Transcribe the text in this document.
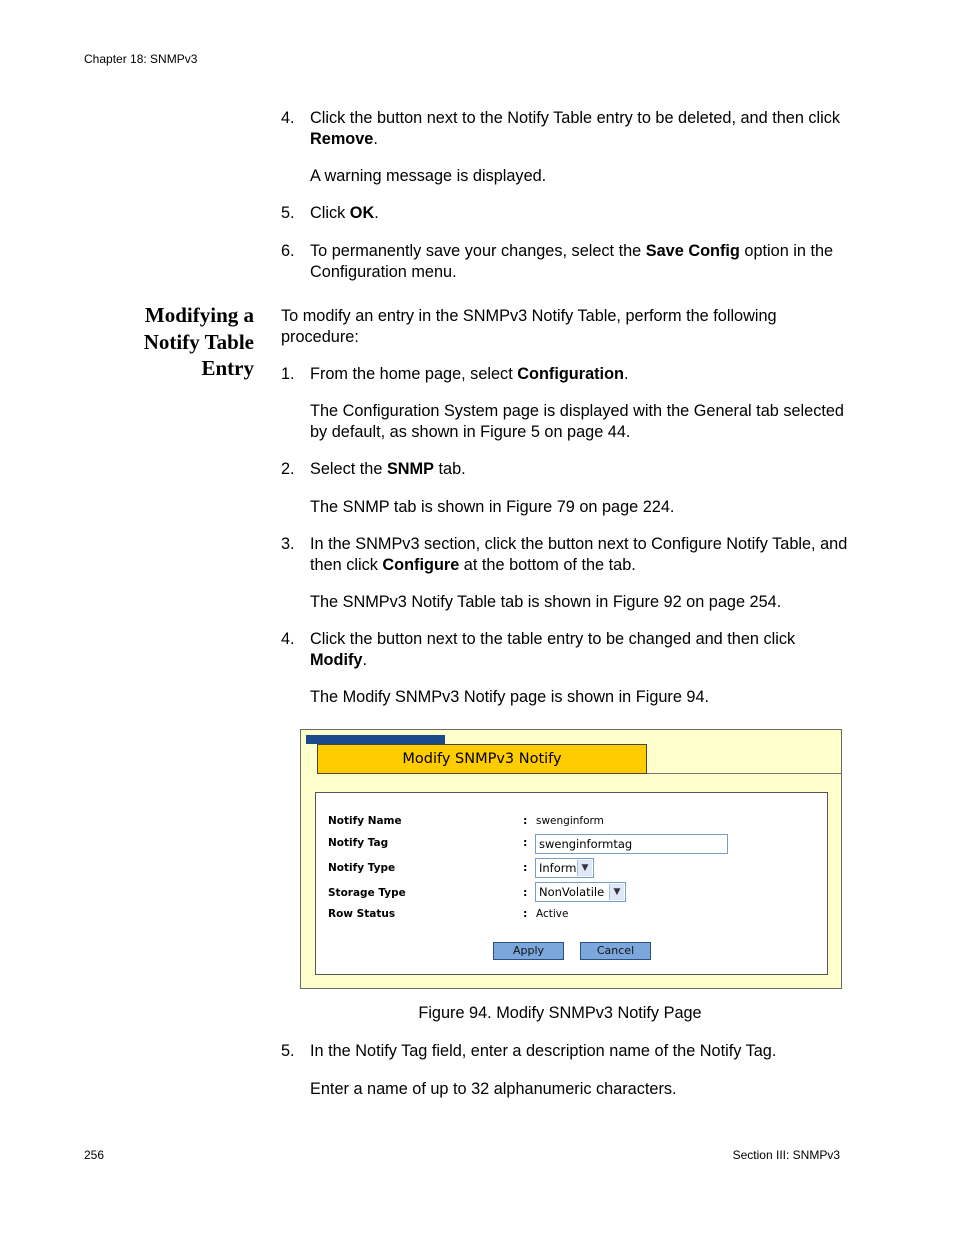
Chapter 18: SNMPv3
4. Click the button next to the Notify Table entry to be deleted, and then click Remove.
A warning message is displayed.
5. Click OK.
6. To permanently save your changes, select the Save Config option in the Configuration menu.
Modifying a Notify Table Entry
To modify an entry in the SNMPv3 Notify Table, perform the following procedure:
1. From the home page, select Configuration.
The Configuration System page is displayed with the General tab selected by default, as shown in Figure 5 on page 44.
2. Select the SNMP tab.
The SNMP tab is shown in Figure 79 on page 224.
3. In the SNMPv3 section, click the button next to Configure Notify Table, and then click Configure at the bottom of the tab.
The SNMPv3 Notify Table tab is shown in Figure 92 on page 254.
4. Click the button next to the table entry to be changed and then click Modify.
The Modify SNMPv3 Notify page is shown in Figure 94.
Modify SNMPv3 Notify
Notify Name	: swenginform
Notify Tag	:	swenginformtag
Notify Type	:	Inform ▼
Storage Type	:	NonVolatile	▼
Row Status	: Active
Apply	Cancel
Figure 94. Modify SNMPv3 Notify Page
5. In the Notify Tag field, enter a description name of the Notify Tag.
Enter a name of up to 32 alphanumeric characters.
256	Section III: SNMPv3
